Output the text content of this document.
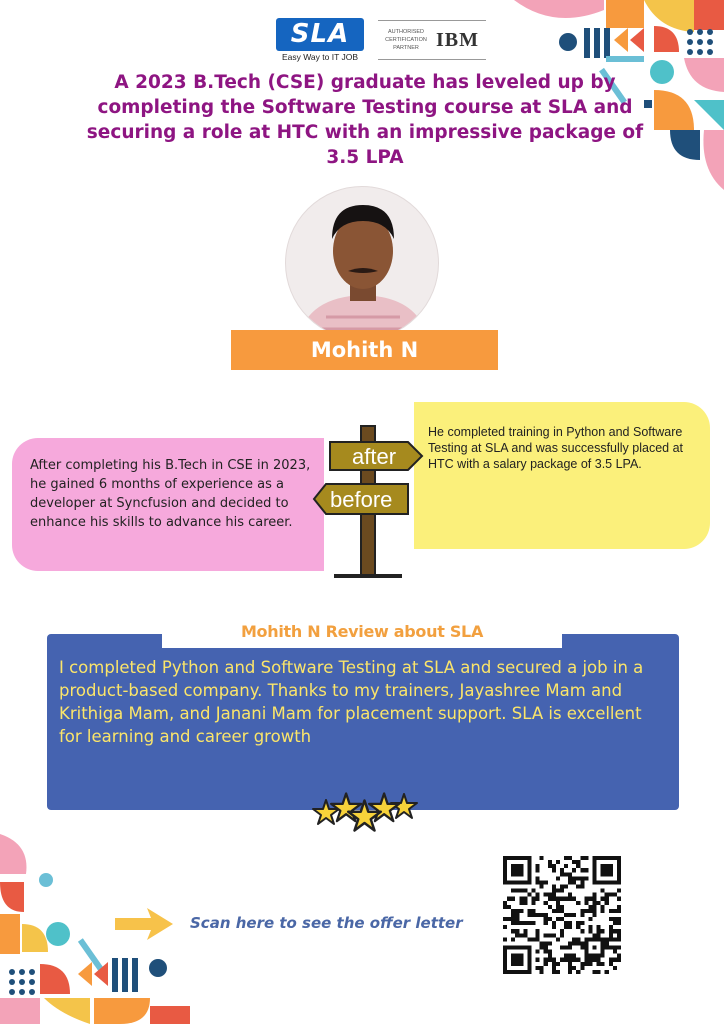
SLA
Easy Way to IT JOB
AUTHORISED CERTIFICATION PARTNER IBM
A 2023 B.Tech (CSE) graduate has leveled up by completing the Software Testing course at SLA and securing a role at HTC with an impressive package of 3.5 LPA
Mohith N
After completing his B.Tech in CSE in 2023, he gained 6 months of experience as a developer at Syncfusion and decided to enhance his skills to advance his career.
He completed training in Python and Software Testing at SLA and was successfully placed at HTC with a salary package of 3.5 LPA.
after
before
Mohith N Review about SLA

I completed Python and Software Testing at SLA and secured a job in a product-based company. Thanks to my trainers, Jayashree Mam and Krithiga Mam, and Janani Mam for placement support. SLA is excellent for learning and career growth

Scan here to see the offer letter
